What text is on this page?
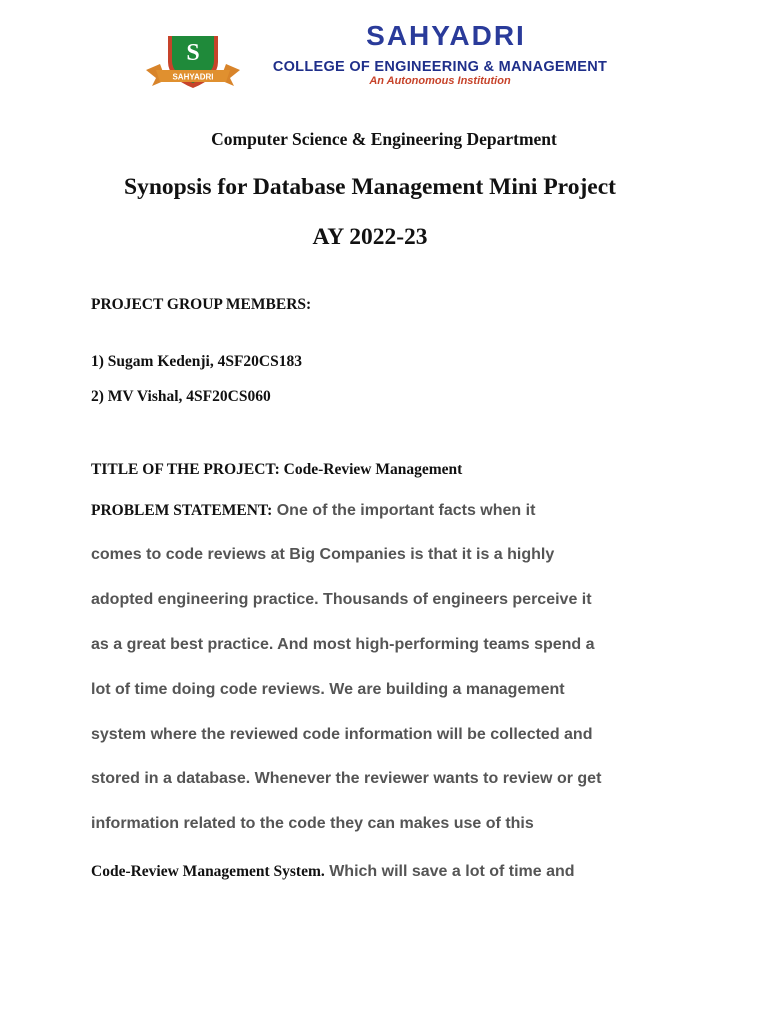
S
SAHYADRI
SAHYADRI
COLLEGE OF ENGINEERING & MANAGEMENT
An Autonomous Institution
Computer Science & Engineering Department
Synopsis for Database Management Mini Project
AY 2022-23
PROJECT GROUP MEMBERS:
1) Sugam Kedenji, 4SF20CS183
2) MV Vishal, 4SF20CS060
TITLE OF THE PROJECT: Code-Review Management
PROBLEM STATEMENT: One of the important facts when it
comes to code reviews at Big Companies is that it is a highly
adopted engineering practice. Thousands of engineers perceive it
as a great best practice. And most high-performing teams spend a
lot of time doing code reviews. We are building a management
system where the reviewed code information will be collected and
stored in a database. Whenever the reviewer wants to review or get
information related to the code they can makes use of this
Code-Review Management System. Which will save a lot of time and
